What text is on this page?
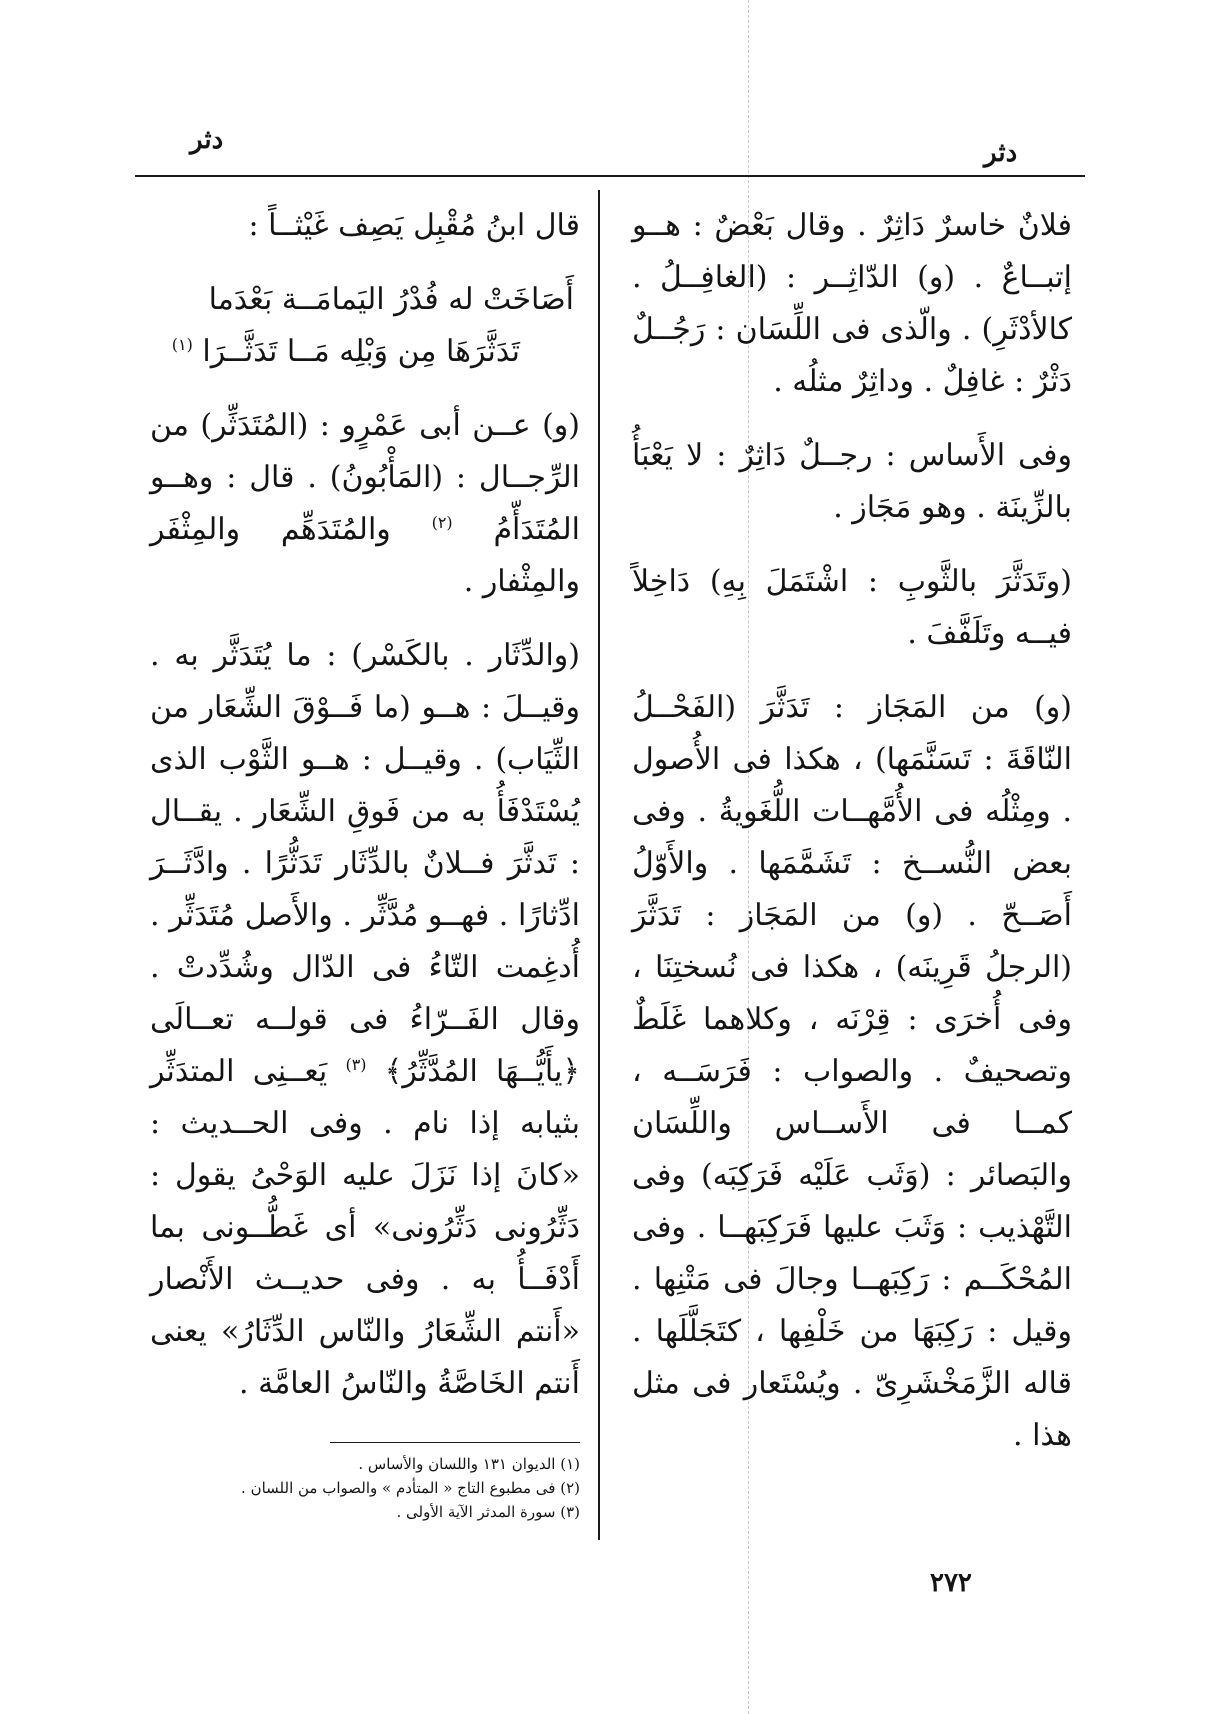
دثر
دثر

فلانٌ خاسرٌ دَاثِرٌ . وقال بَعْضٌ : هــو إتبــاعٌ . (و) الدّاثِــر : (الغافِــلُ . كالأدْثَرِ) . والّذى فى اللِّسَان : رَجُــلٌ دَثْرٌ : غافِلٌ . وداثِرٌ مثلُه .

وفى الأَساس : رجــلٌ دَاثِرٌ : لا يَعْبَأُ بالزِّينَة . وهو مَجَاز .

(وتَدَثَّرَ بالثَّوبِ : اشْتَمَلَ بِهِ) دَاخِلاً فيــه وتَلَفَّفَ .

(و) من المَجَاز : تَدَثَّرَ (الفَحْــلُ النّاقَةَ : تَسَنَّمَها) ، هكذا فى الأُصول . ومِثْلُه فى الأُمَّهــات اللُّغَويةُ . وفى بعض النُّســخ : تَشَمَّمَها . والأَوّلُ أَصَــحّ . (و) من المَجَاز : تَدَثَّرَ (الرجلُ قَرِينَه) ، هكذا فى نُسختِنَا ، وفى أُخرَى : قِرْنَه ، وكلاهما غَلَطٌ وتصحيفٌ . والصواب : فَرَسَــه ، كمــا فى الأَســاس واللِّسَان والبَصائر : (وَثَب عَلَيْه فَرَكِبَه) وفى التَّهْذيب : وَثَبَ عليها فَرَكِبَهــا . وفى المُحْكَــم : رَكِبَهــا وجالَ فى مَتْنِها . وقيل : رَكِبَهَا من خَلْفِها ، كتَجَلَّلَها . قاله الزَّمَخْشَرِىّ . ويُسْتَعار فى مثل هذا .

قال ابنُ مُقْبِل يَصِف غَيْثــاً :

أَصَاخَتْ له فُدْرُ اليَمامَــة بَعْدَما

تَدَثَّرَهَا مِن وَبْلِه مَــا تَدَثَّــرَا $^{(١)}$

(و) عــن أبى عَمْرٍو : (المُتَدَثِّر) من الرِّجــال : (المَأْبُونُ) . قال : وهــو المُتَدَأّمُ $^{(٢)}$ والمُتَدَهِّم والمِثْفَر والمِثْفار .

(والدِّثَار . بالكَسْر) : ما يُتَدَثَّر به . وقيــلَ : هــو (ما فَــوْقَ الشِّعَار من الثِّيَاب) . وقيــل : هــو الثَّوْب الذى يُسْتَدْفَأُ به من فَوقِ الشِّعَار . يقــال : تَدثَّرَ فــلانٌ بالدِّثَار تَدَثُّرًا . وادَّثَــرَ ادِّثارًا . فهــو مُدَّثِّر . والأَصل مُتَدَثِّر . أُدغِمت التّاءُ فى الدّال وشُدِّدتْ . وقال الفَــرّاءُ فى قولــه تعــالَى ﴿يأَيُّــهَا المُدَّثِّرُ﴾ $^{(٣)}$ يَعــنِى المتدَثِّر بثيابه إذا نام . وفى الحــديث : «كانَ إذا نَزَلَ عليه الوَحْىُ يقول : دَثِّرُونى دَثِّرُونى» أى غَطُّــونى بما أَدْفَــأُ به . وفى حديــث الأَنْصار «أَنتم الشِّعَارُ والنّاس الدِّثَارُ» يعنى أَنتم الخَاصَّةُ والنّاسُ العامَّة .

(١) الديوان ١٣١ واللسان والأساس .
(٢) فى مطبوع التاج « المتأدم » والصواب من اللسان .
(٣) سورة المدثر الآية الأولى .
٢٧٢
